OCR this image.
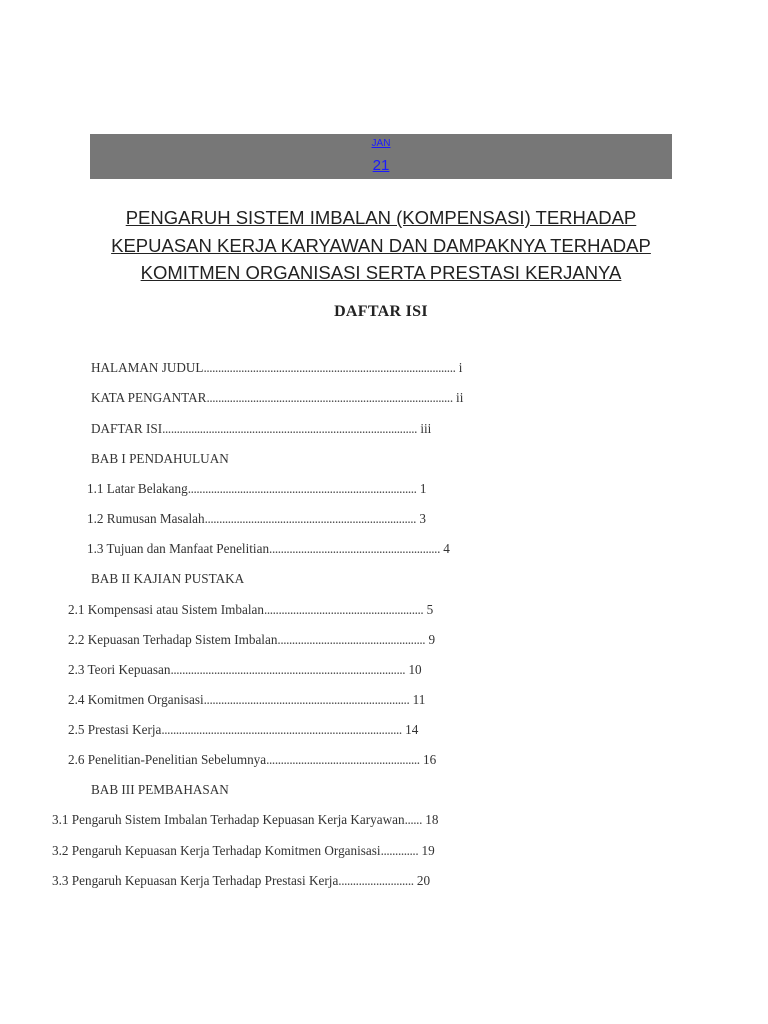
JAN
21
PENGARUH SISTEM IMBALAN (KOMPENSASI) TERHADAP
KEPUASAN KERJA KARYAWAN DAN DAMPAKNYA TERHADAP
KOMITMEN ORGANISASI SERTA PRESTASI KERJANYA
DAFTAR ISI
HALAMAN JUDUL....................................................................................... i
KATA PENGANTAR..................................................................................... ii
DAFTAR ISI........................................................................................ iii
BAB I PENDAHULUAN
1.1 Latar Belakang............................................................................... 1
1.2 Rumusan Masalah......................................................................... 3
1.3 Tujuan dan Manfaat Penelitian........................................................... 4
BAB II KAJIAN PUSTAKA
2.1 Kompensasi atau Sistem Imbalan....................................................... 5
2.2 Kepuasan Terhadap Sistem Imbalan................................................... 9
2.3 Teori Kepuasan................................................................................. 10
2.4 Komitmen Organisasi....................................................................... 11
2.5 Prestasi Kerja................................................................................... 14
2.6 Penelitian-Penelitian Sebelumnya..................................................... 16
BAB III PEMBAHASAN
3.1 Pengaruh Sistem Imbalan Terhadap Kepuasan Kerja Karyawan...... 18
3.2 Pengaruh Kepuasan Kerja Terhadap Komitmen Organisasi............. 19
3.3 Pengaruh Kepuasan Kerja Terhadap Prestasi Kerja.......................... 20
